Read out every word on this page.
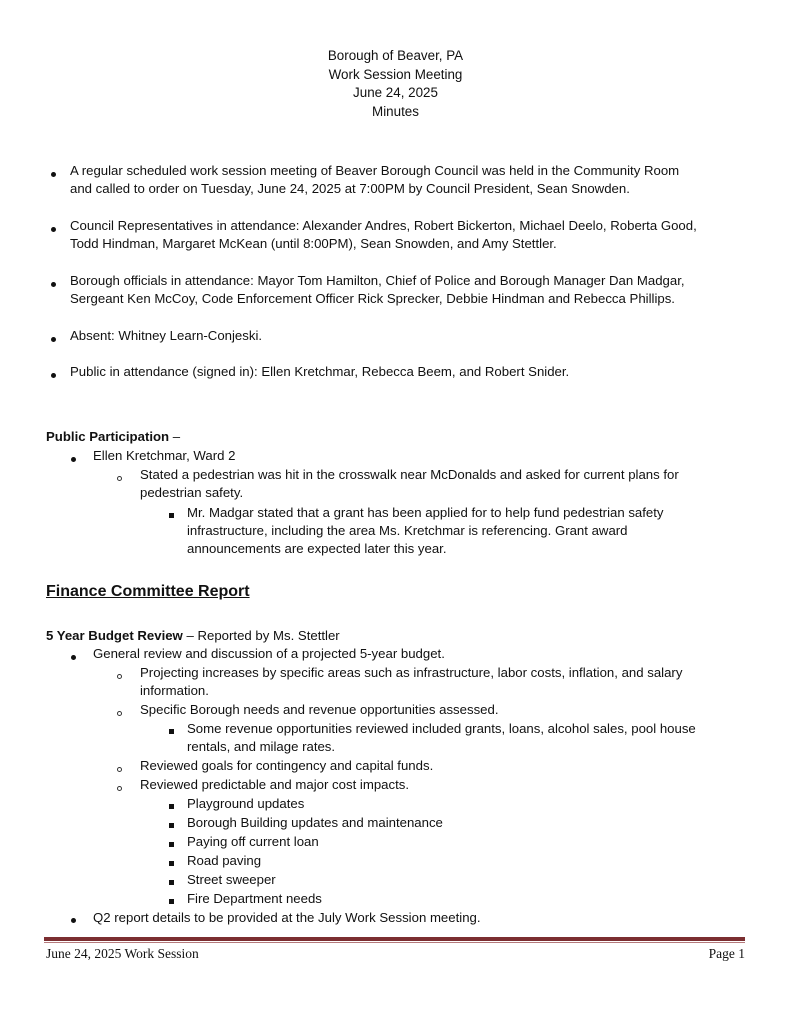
Borough of Beaver, PA
Work Session Meeting
June 24, 2025
Minutes
A regular scheduled work session meeting of Beaver Borough Council was held in the Community Room
and called to order on Tuesday, June 24, 2025 at 7:00PM by Council President, Sean Snowden.
Council Representatives in attendance: Alexander Andres, Robert Bickerton, Michael Deelo, Roberta Good,
Todd Hindman, Margaret McKean (until 8:00PM), Sean Snowden, and Amy Stettler.
Borough officials in attendance: Mayor Tom Hamilton, Chief of Police and Borough Manager Dan Madgar,
Sergeant Ken McCoy, Code Enforcement Officer Rick Sprecker, Debbie Hindman and Rebecca Phillips.
Absent: Whitney Learn-Conjeski.
Public in attendance (signed in): Ellen Kretchmar, Rebecca Beem, and Robert Snider.
Public Participation –
Ellen Kretchmar, Ward 2
Stated a pedestrian was hit in the crosswalk near McDonalds and asked for current plans for
pedestrian safety.
Mr. Madgar stated that a grant has been applied for to help fund pedestrian safety
infrastructure, including the area Ms. Kretchmar is referencing. Grant award
announcements are expected later this year.
Finance Committee Report
5 Year Budget Review – Reported by Ms. Stettler
General review and discussion of a projected 5-year budget.
Projecting increases by specific areas such as infrastructure, labor costs, inflation, and salary
information.
Specific Borough needs and revenue opportunities assessed.
Some revenue opportunities reviewed included grants, loans, alcohol sales, pool house
rentals, and milage rates.
Reviewed goals for contingency and capital funds.
Reviewed predictable and major cost impacts.
Playground updates
Borough Building updates and maintenance
Paying off current loan
Road paving
Street sweeper
Fire Department needs
Q2 report details to be provided at the July Work Session meeting.
June 24, 2025 Work Session	Page 1
